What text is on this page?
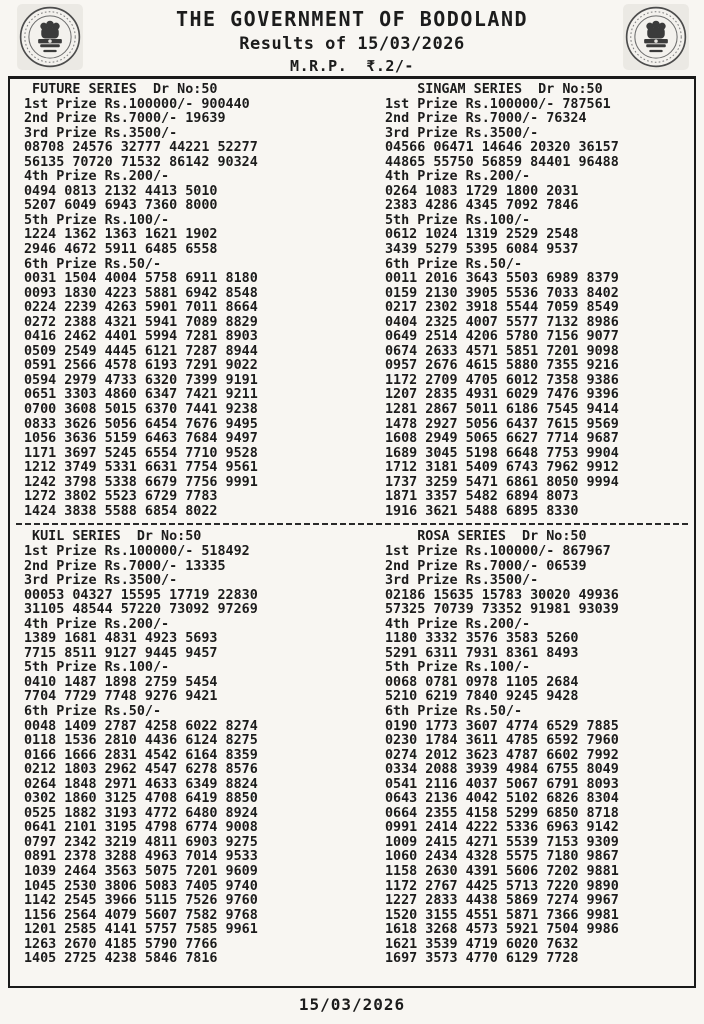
THE GOVERNMENT OF BODOLAND
Results of 15/03/2026
M.R.P.  ₹.2/-
FUTURE SERIES  Dr No:50
1st Prize Rs.100000/- 900440
2nd Prize Rs.7000/- 19639
3rd Prize Rs.3500/-
08708 24576 32777 44221 52277
56135 70720 71532 86142 90324
4th Prize Rs.200/-
0494 0813 2132 4413 5010
5207 6049 6943 7360 8000
5th Prize Rs.100/-
1224 1362 1363 1621 1902
2946 4672 5911 6485 6558
6th Prize Rs.50/-
0031 1504 4004 5758 6911 8180
0093 1830 4223 5881 6942 8548
0224 2239 4263 5901 7011 8664
0272 2388 4321 5941 7089 8829
0416 2462 4401 5994 7281 8903
0509 2549 4445 6121 7287 8944
0591 2566 4578 6193 7291 9022
0594 2979 4733 6320 7399 9191
0651 3303 4860 6347 7421 9211
0700 3608 5015 6370 7441 9238
0833 3626 5056 6454 7676 9495
1056 3636 5159 6463 7684 9497
1171 3697 5245 6554 7710 9528
1212 3749 5331 6631 7754 9561
1242 3798 5338 6679 7756 9991
1272 3802 5523 6729 7783
1424 3838 5588 6854 8022
SINGAM SERIES  Dr No:50
1st Prize Rs.100000/- 787561
2nd Prize Rs.7000/- 76324
3rd Prize Rs.3500/-
04566 06471 14646 20320 36157
44865 55750 56859 84401 96488
4th Prize Rs.200/-
0264 1083 1729 1800 2031
2383 4286 4345 7092 7846
5th Prize Rs.100/-
0612 1024 1319 2529 2548
3439 5279 5395 6084 9537
6th Prize Rs.50/-
0011 2016 3643 5503 6989 8379
0159 2130 3905 5536 7033 8402
0217 2302 3918 5544 7059 8549
0404 2325 4007 5577 7132 8986
0649 2514 4206 5780 7156 9077
0674 2633 4571 5851 7201 9098
0957 2676 4615 5880 7355 9216
1172 2709 4705 6012 7358 9386
1207 2835 4931 6029 7476 9396
1281 2867 5011 6186 7545 9414
1478 2927 5056 6437 7615 9569
1608 2949 5065 6627 7714 9687
1689 3045 5198 6648 7753 9904
1712 3181 5409 6743 7962 9912
1737 3259 5471 6861 8050 9994
1871 3357 5482 6894 8073
1916 3621 5488 6895 8330
KUIL SERIES  Dr No:50
1st Prize Rs.100000/- 518492
2nd Prize Rs.7000/- 13335
3rd Prize Rs.3500/-
00053 04327 15595 17719 22830
31105 48544 57220 73092 97269
4th Prize Rs.200/-
1389 1681 4831 4923 5693
7715 8511 9127 9445 9457
5th Prize Rs.100/-
0410 1487 1898 2759 5454
7704 7729 7748 9276 9421
6th Prize Rs.50/-
0048 1409 2787 4258 6022 8274
0118 1536 2810 4436 6124 8275
0166 1666 2831 4542 6164 8359
0212 1803 2962 4547 6278 8576
0264 1848 2971 4633 6349 8824
0302 1860 3125 4708 6419 8850
0525 1882 3193 4772 6480 8924
0641 2101 3195 4798 6774 9008
0797 2342 3219 4811 6903 9275
0891 2378 3288 4963 7014 9533
1039 2464 3563 5075 7201 9609
1045 2530 3806 5083 7405 9740
1142 2545 3966 5115 7526 9760
1156 2564 4079 5607 7582 9768
1201 2585 4141 5757 7585 9961
1263 2670 4185 5790 7766
1405 2725 4238 5846 7816
ROSA SERIES  Dr No:50
1st Prize Rs.100000/- 867967
2nd Prize Rs.7000/- 06539
3rd Prize Rs.3500/-
02186 15635 15783 30020 49936
57325 70739 73352 91981 93039
4th Prize Rs.200/-
1180 3332 3576 3583 5260
5291 6311 7931 8361 8493
5th Prize Rs.100/-
0068 0781 0978 1105 2684
5210 6219 7840 9245 9428
6th Prize Rs.50/-
0190 1773 3607 4774 6529 7885
0230 1784 3611 4785 6592 7960
0274 2012 3623 4787 6602 7992
0334 2088 3939 4984 6755 8049
0541 2116 4037 5067 6791 8093
0643 2136 4042 5102 6826 8304
0664 2355 4158 5299 6850 8718
0991 2414 4222 5336 6963 9142
1009 2415 4271 5539 7153 9309
1060 2434 4328 5575 7180 9867
1158 2630 4391 5606 7202 9881
1172 2767 4425 5713 7220 9890
1227 2833 4438 5869 7274 9967
1520 3155 4551 5871 7366 9981
1618 3268 4573 5921 7504 9986
1621 3539 4719 6020 7632
1697 3573 4770 6129 7728
15/03/2026
